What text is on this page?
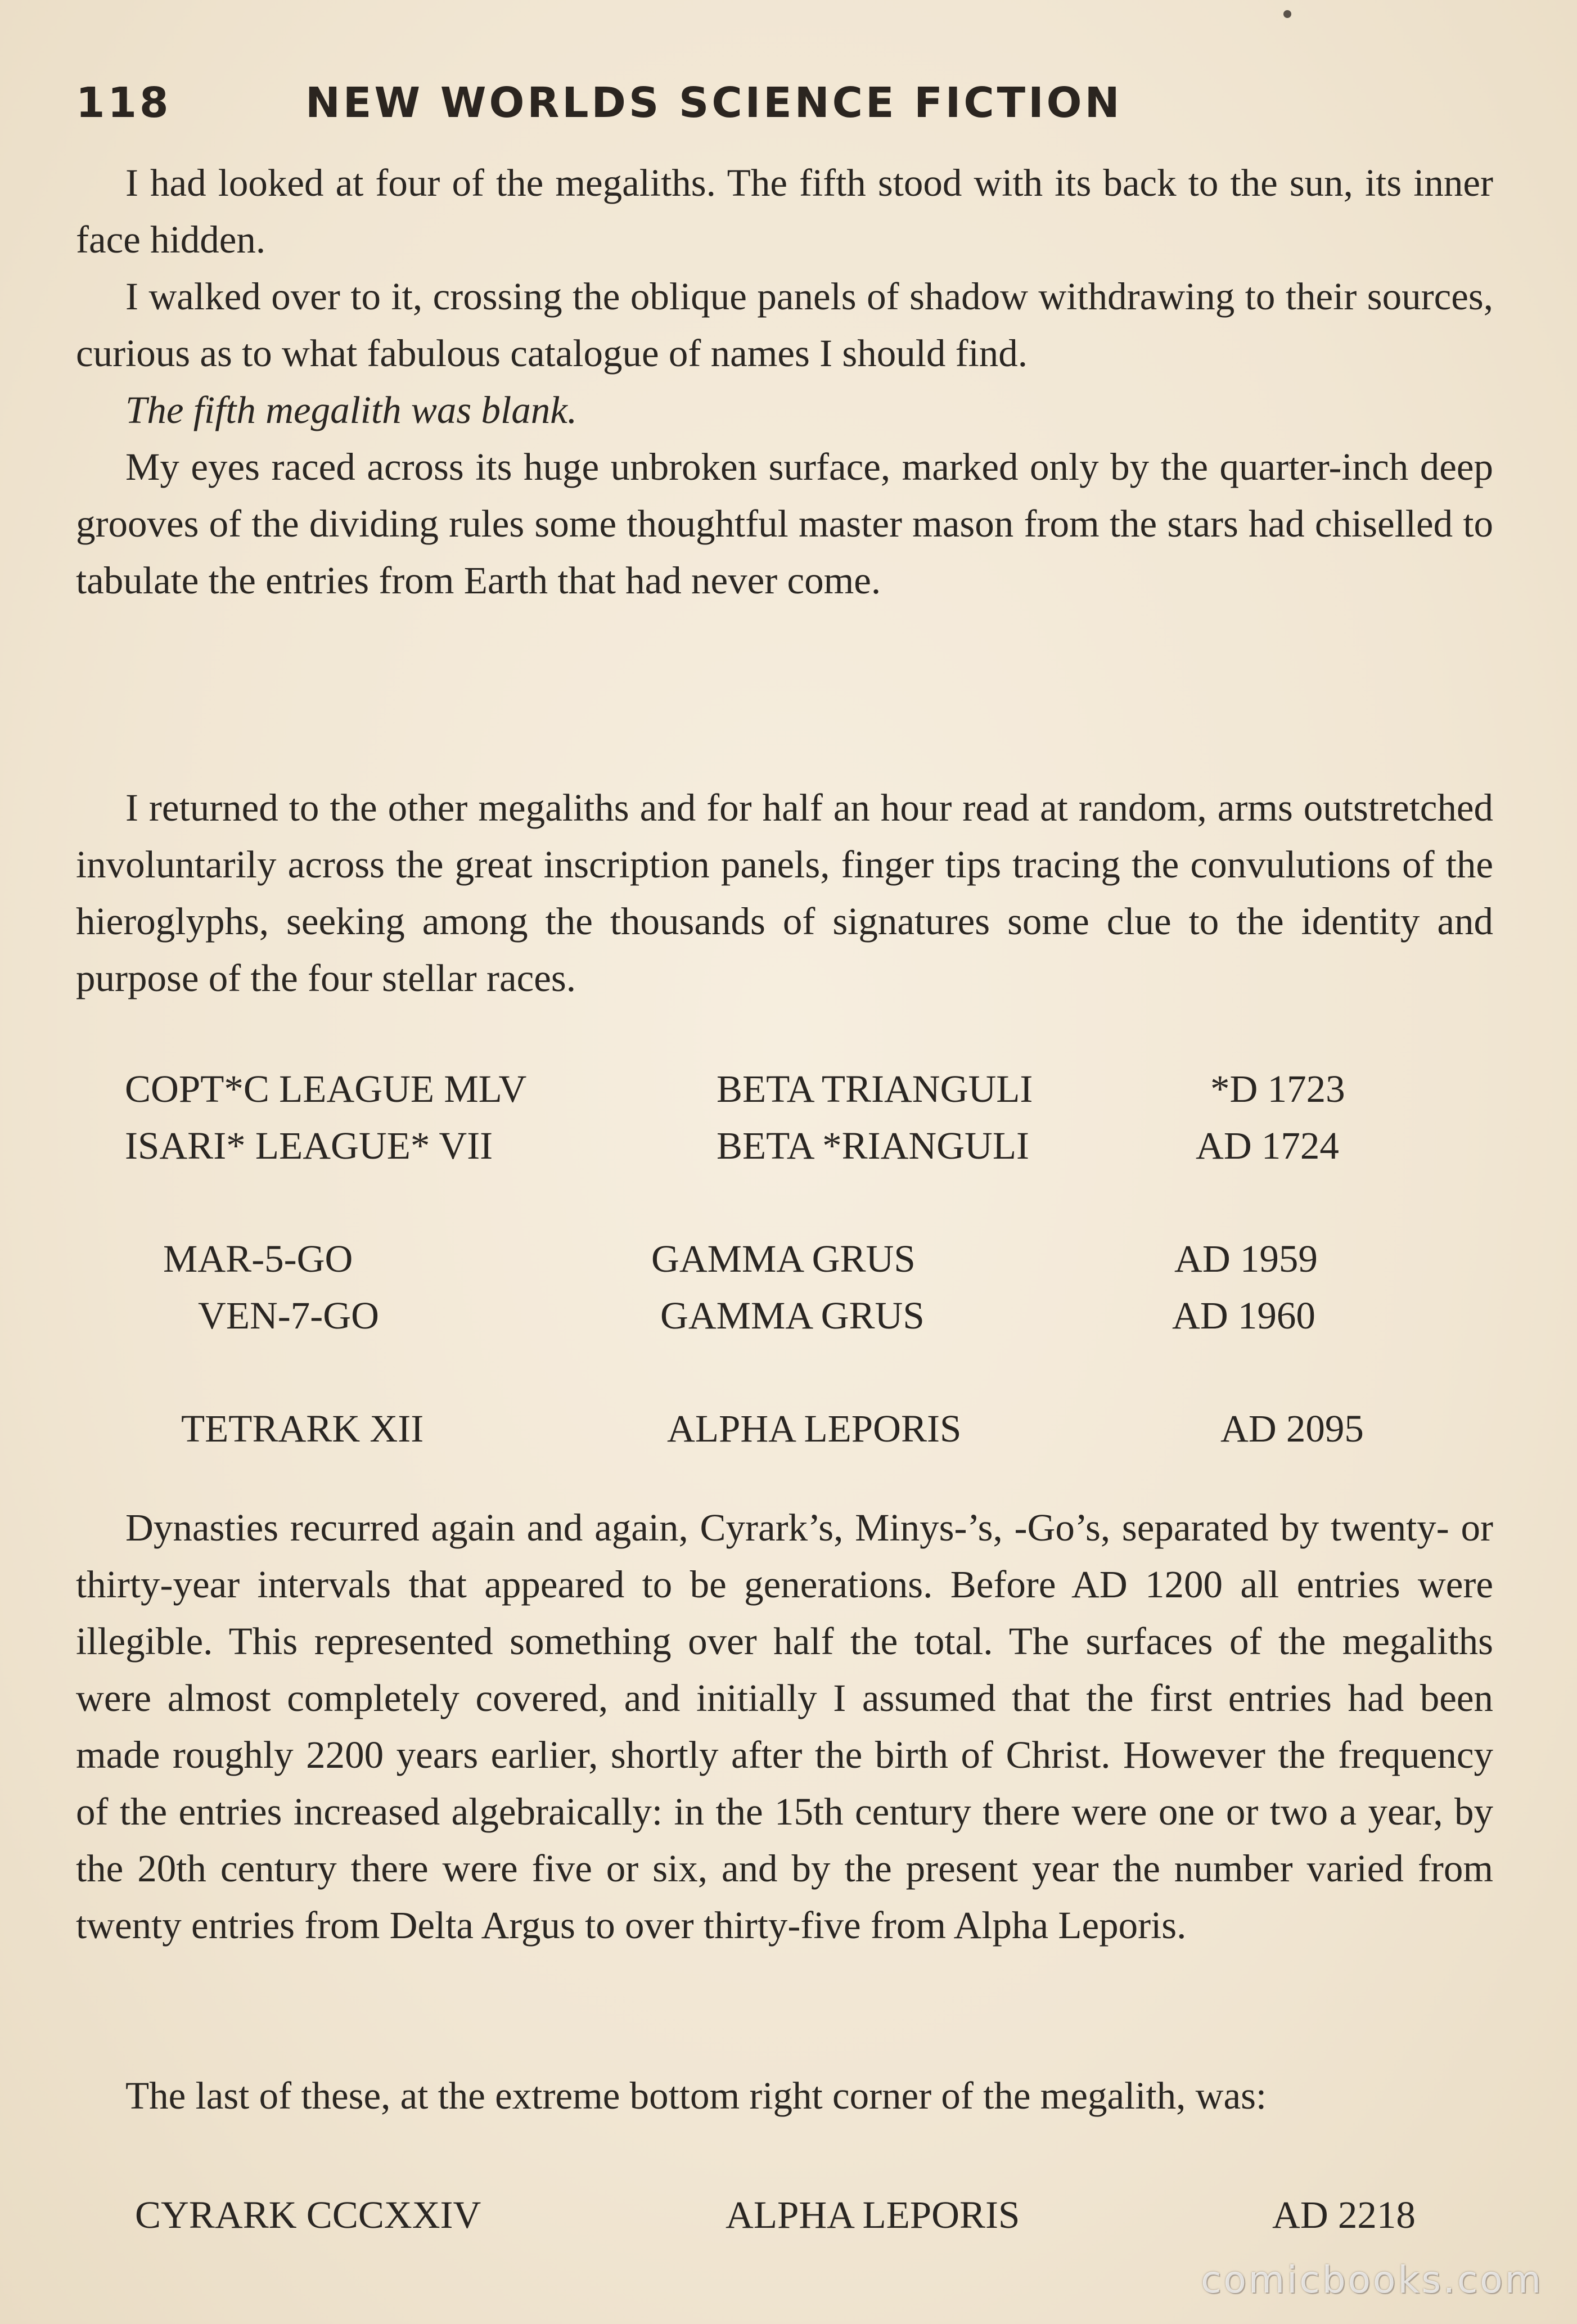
118	NEW WORLDS SCIENCE FICTION

I had looked at four of the megaliths. The fifth stood with its back to the sun, its inner face hidden.

I walked over to it, crossing the oblique panels of shadow withdrawing to their sources, curious as to what fabulous catalogue of names I should find.

The fifth megalith was blank.

My eyes raced across its huge unbroken surface, marked only by the quarter-inch deep grooves of the dividing rules some thoughtful master mason from the stars had chiselled to tabulate the entries from Earth that had never come.

I returned to the other megaliths and for half an hour read at random, arms outstretched involuntarily across the great inscription panels, finger tips tracing the convulutions of the hieroglyphs, seeking among the thousands of signatures some clue to the identity and purpose of the four stellar races.

COPT*C LEAGUE MLV	BETA TRIANGULI	*D 1723
ISARI* LEAGUE* VII	BETA *RIANGULI	AD 1724
MAR-5-GO	GAMMA GRUS	AD 1959
VEN-7-GO	GAMMA GRUS	AD 1960
TETRARK XII	ALPHA LEPORIS	AD 2095

Dynasties recurred again and again, Cyrark’s, Minys-’s, -Go’s, separated by twenty- or thirty-year intervals that appeared to be generations. Before AD 1200 all entries were illegible. This represented something over half the total. The surfaces of the megaliths were almost completely covered, and initially I assumed that the first entries had been made roughly 2200 years earlier, shortly after the birth of Christ. However the frequency of the entries increased algebraically: in the 15th century there were one or two a year, by the 20th century there were five or six, and by the present year the number varied from twenty entries from Delta Argus to over thirty-five from Alpha Leporis.

The last of these, at the extreme bottom right corner of the megalith, was:

CYRARK CCCXXIV	ALPHA LEPORIS	AD 2218
comicbooks.com
